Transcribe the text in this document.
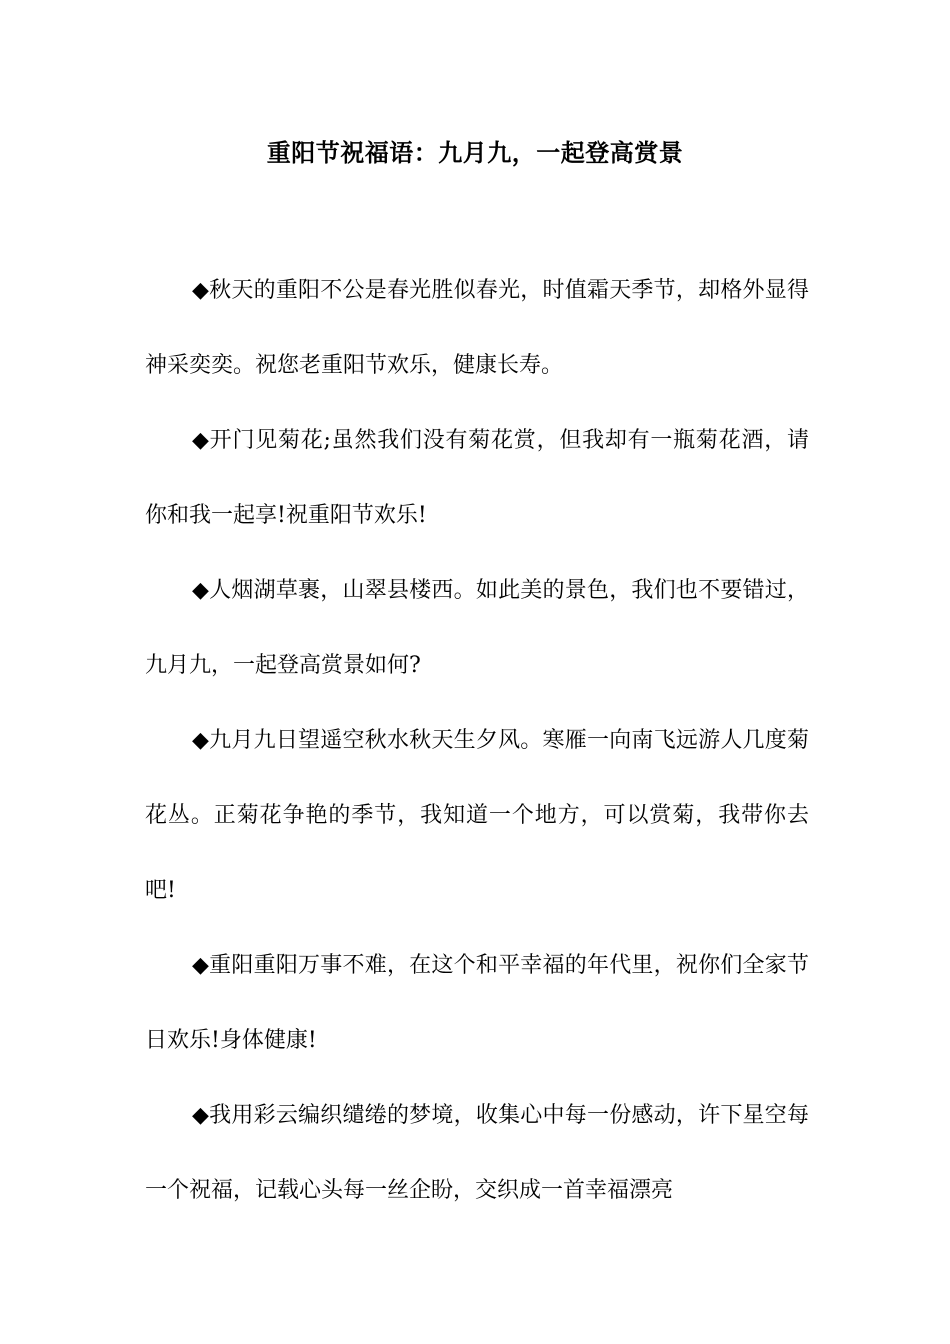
重阳节祝福语：九月九，一起登高赏景

◆秋天的重阳不公是春光胜似春光，时值霜天季节，却格外显得神采奕奕。祝您老重阳节欢乐，健康长寿。

◆开门见菊花;虽然我们没有菊花赏，但我却有一瓶菊花酒，请你和我一起享!祝重阳节欢乐!

◆人烟湖草裹，山翠县楼西。如此美的景色，我们也不要错过，九月九，一起登高赏景如何?

◆九月九日望遥空秋水秋天生夕风。寒雁一向南飞远游人几度菊花丛。正菊花争艳的季节，我知道一个地方，可以赏菊，我带你去吧!

◆重阳重阳万事不难，在这个和平幸福的年代里，祝你们全家节日欢乐!身体健康!

◆我用彩云编织缱绻的梦境，收集心中每一份感动，许下星空每一个祝福，记载心头每一丝企盼，交织成一首幸福漂亮
